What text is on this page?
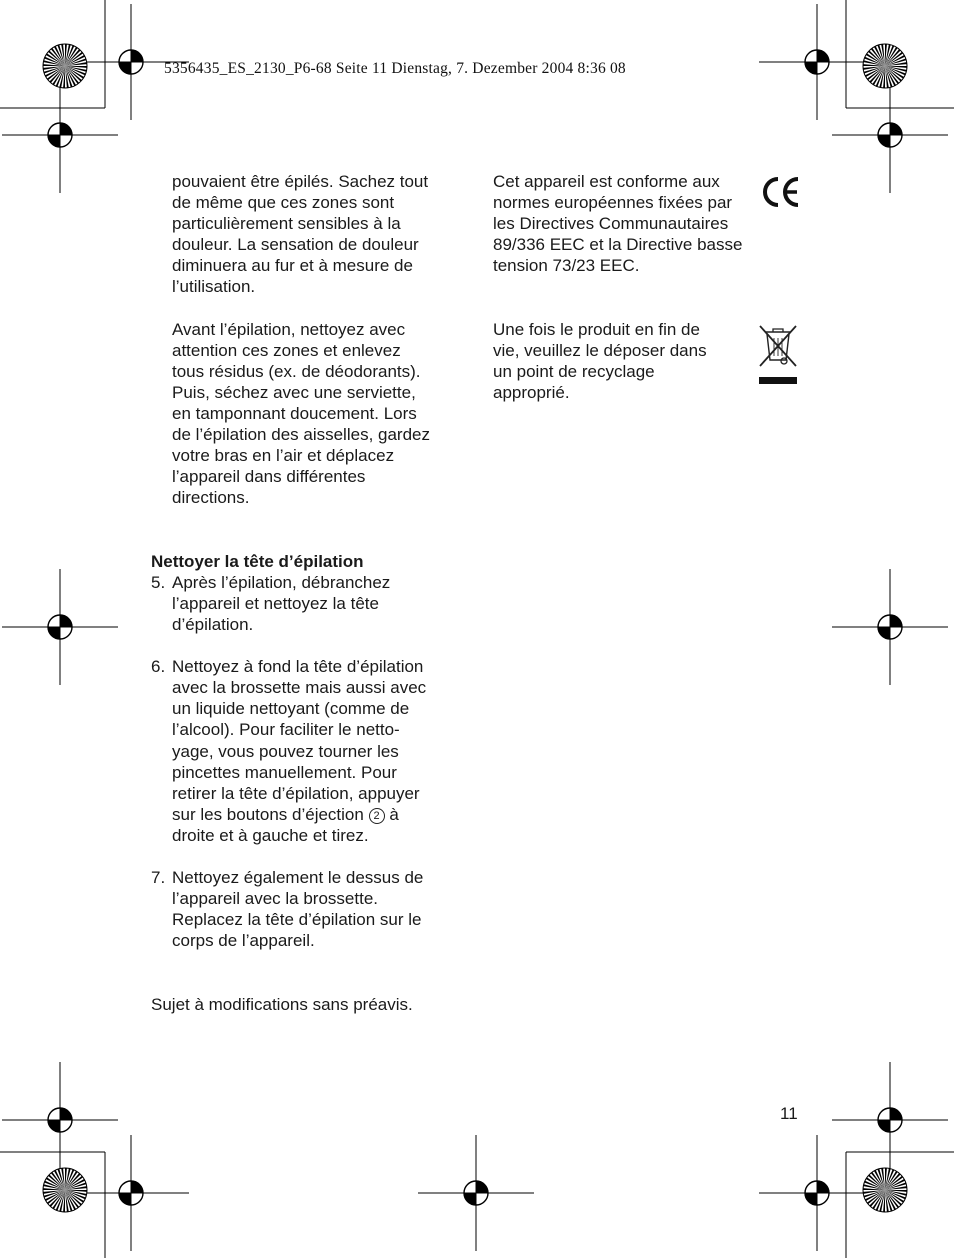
5356435_ES_2130_P6-68 Seite 11 Dienstag, 7. Dezember 2004 8:36 08

pouvaient être épilés. Sachez tout

de même que ces zones sont

particulièrement sensibles à la

douleur. La sensation de douleur

diminuera au fur et à mesure de

l’utilisation.

Avant l’épilation, nettoyez avec

attention ces zones et enlevez

tous résidus (ex. de déodorants).

Puis, séchez avec une serviette,

en tamponnant doucement. Lors

de l’épilation des aisselles, gardez

votre bras en l’air et déplacez

l’appareil dans différentes

directions.

Nettoyer la tête d’épilation

5. Après l’épilation, débranchez

l’appareil et nettoyez la tête

d’épilation.

6. Nettoyez à fond la tête d’épilation

avec la brossette mais aussi avec

un liquide nettoyant (comme de

l’alcool). Pour faciliter le netto-

yage, vous pouvez tourner les

pincettes manuellement. Pour

retirer la tête d’épilation, appuyer

sur les boutons d’éjection 2 à

droite et à gauche et tirez.

7. Nettoyez également le dessus de

l’appareil avec la brossette.

Replacez la tête d’épilation sur le

corps de l’appareil.

Sujet à modifications sans préavis.

Cet appareil est conforme aux

normes européennes fixées par

les Directives Communautaires

89/336 EEC et la Directive basse

tension 73/23 EEC.

Une fois le produit en fin de

vie, veuillez le déposer dans

un point de recyclage

approprié.

11
